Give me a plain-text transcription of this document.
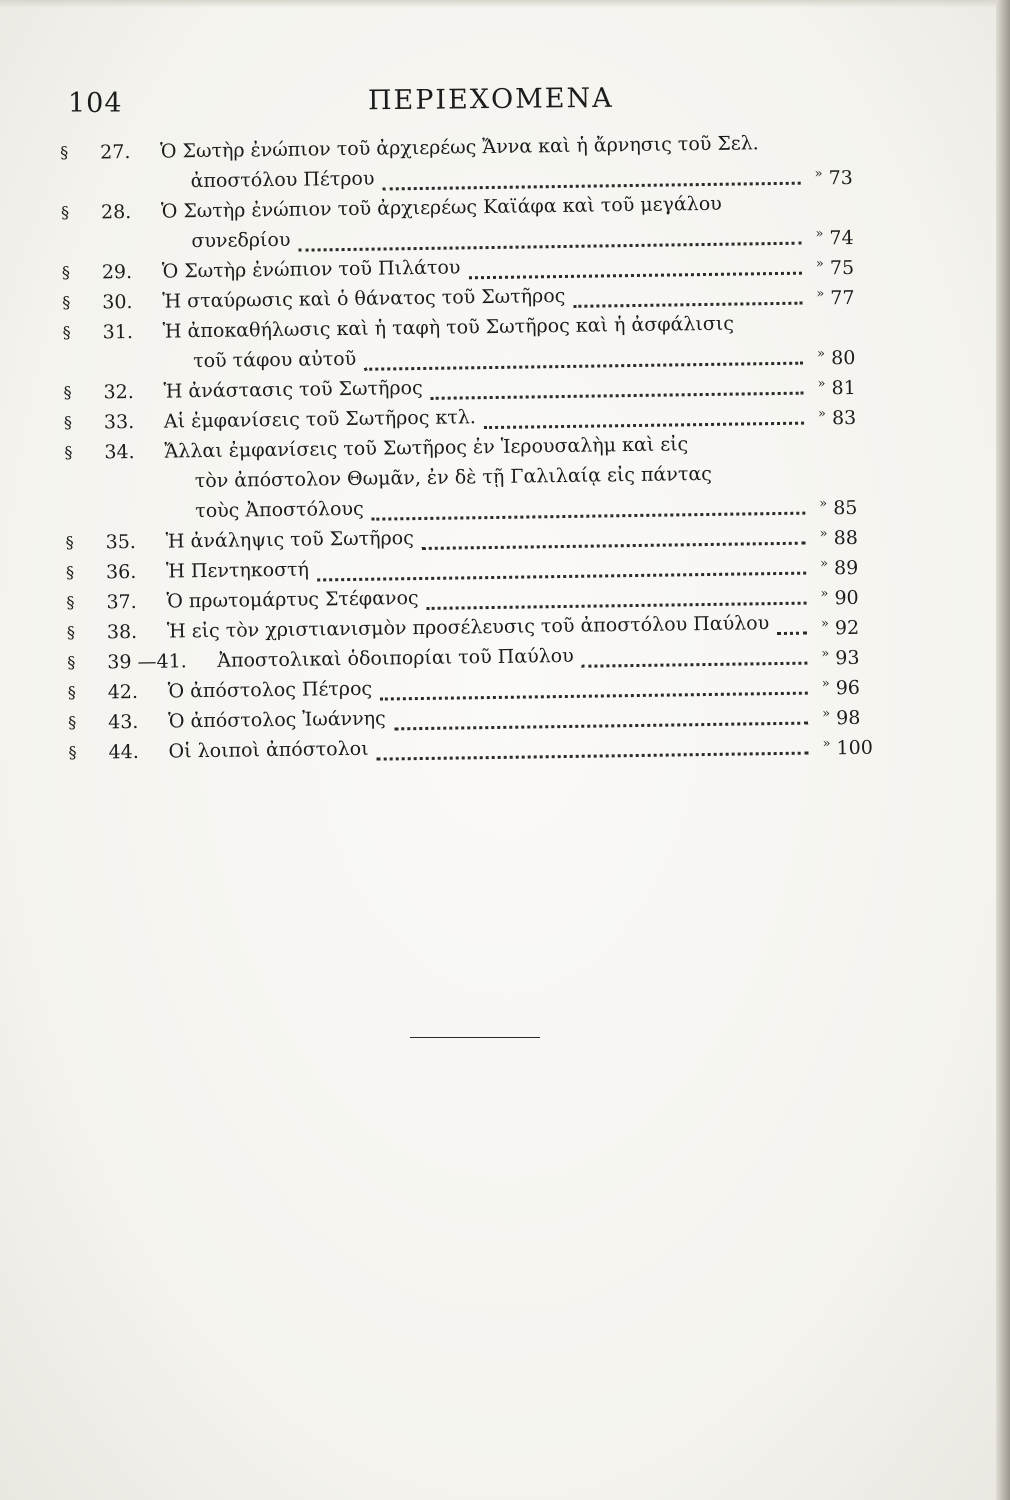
104	ΠΕΡΙΕΧΟΜΕΝΑ
§	27.	Ὁ Σωτὴρ ἐνώπιον τοῦ ἀρχιερέως Ἄννα καὶ ἡ ἄρνησις τοῦ Σελ.
ἀποστόλου Πέτρου	» 73
§	28.	Ὁ Σωτὴρ ἐνώπιον τοῦ ἀρχιερέως Καϊάφα καὶ τοῦ μεγάλου
συνεδρίου	» 74
§	29.	Ὁ Σωτὴρ ἐνώπιον τοῦ Πιλάτου	» 75
§	30.	Ἡ σταύρωσις καὶ ὁ θάνατος τοῦ Σωτῆρος	» 77
§	31.	Ἡ ἀποκαθήλωσις καὶ ἡ ταφὴ τοῦ Σωτῆρος καὶ ἡ ἀσφάλισις
τοῦ τάφου αὐτοῦ	» 80
§	32.	Ἡ ἀνάστασις τοῦ Σωτῆρος	» 81
§	33.	Αἱ ἐμφανίσεις τοῦ Σωτῆρος κτλ.	» 83
§	34.	Ἄλλαι ἐμφανίσεις τοῦ Σωτῆρος ἐν Ἱερουσαλὴμ καὶ εἰς
τὸν ἀπόστολον Θωμᾶν, ἐν δὲ τῇ Γαλιλαίᾳ εἰς πάντας
τοὺς Ἀποστόλους	» 85
§	35.	Ἡ ἀνάληψις τοῦ Σωτῆρος	» 88
§	36.	Ἡ Πεντηκοστή	» 89
§	37.	Ὁ πρωτομάρτυς Στέφανος	» 90
§	38.	Ἡ εἰς τὸν χριστιανισμὸν προσέλευσις τοῦ ἀποστόλου Παύλου	» 92
§	39 —41. Ἀποστολικαὶ ὁδοιπορίαι τοῦ Παύλου	» 93
§	42.	Ὁ ἀπόστολος Πέτρος	» 96
§	43.	Ὁ ἀπόστολος Ἰωάννης	» 98
§	44.	Οἱ λοιποὶ ἀπόστολοι	» 100
